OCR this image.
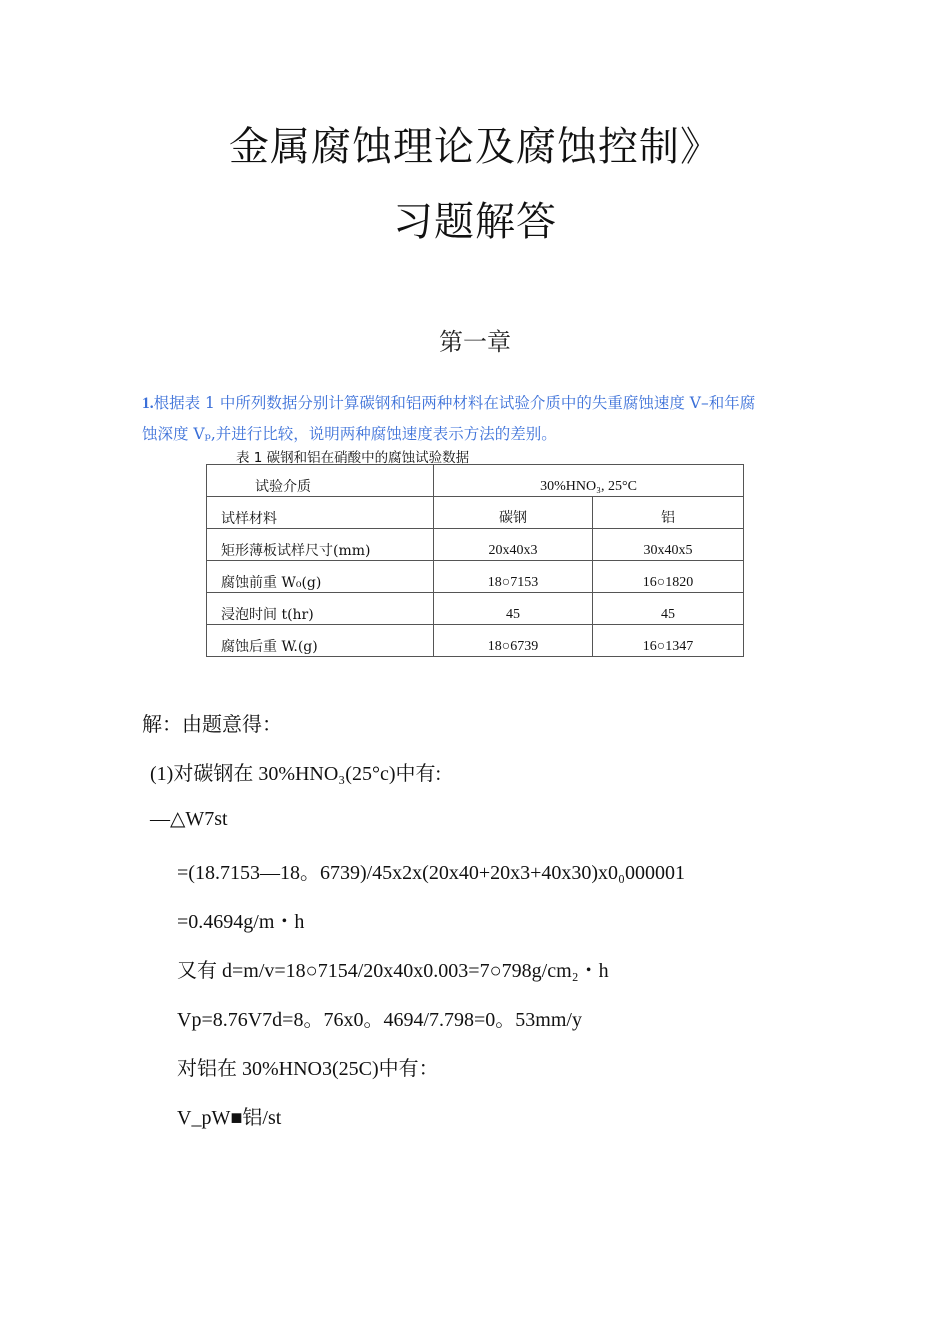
金属腐蚀理论及腐蚀控制》
习题解答
第一章
1.根据表 1 中所列数据分别计算碳钢和铝两种材料在试验介质中的失重腐蚀速度 V–和年腐
蚀深度 Vₚ,并进行比较，说明两种腐蚀速度表示方法的差别。
表 1 碳钢和铝在硝酸中的腐蚀试验数据
试验介质	30%HNO₃, 25°C	
试样材料	碳钢	铝
矩形薄板试样尺寸(mm)	20x40x3	30x40x5
腐蚀前重 W₀(g)	18○7153	16○1820
浸泡时间 t(hr)	45	45
腐蚀后重 W.(g)	18○6739	16○1347
解：由题意得：
(1)对碳钢在 30%HNO₃(25°c)中有:
—△W7st
=(18.7153—18。6739)/45x2x(20x40+20x3+40x30)x0₀000001
=0.4694g/m・h
又有 d=m/v=18○7154/20x40x0.003=7○798g/cm₂・h
Vp=8.76V7d=8。76x0。4694/7.798=0。53mm/y
对铝在 30%HNO3(25C)中有：
V_pW■铝/st
